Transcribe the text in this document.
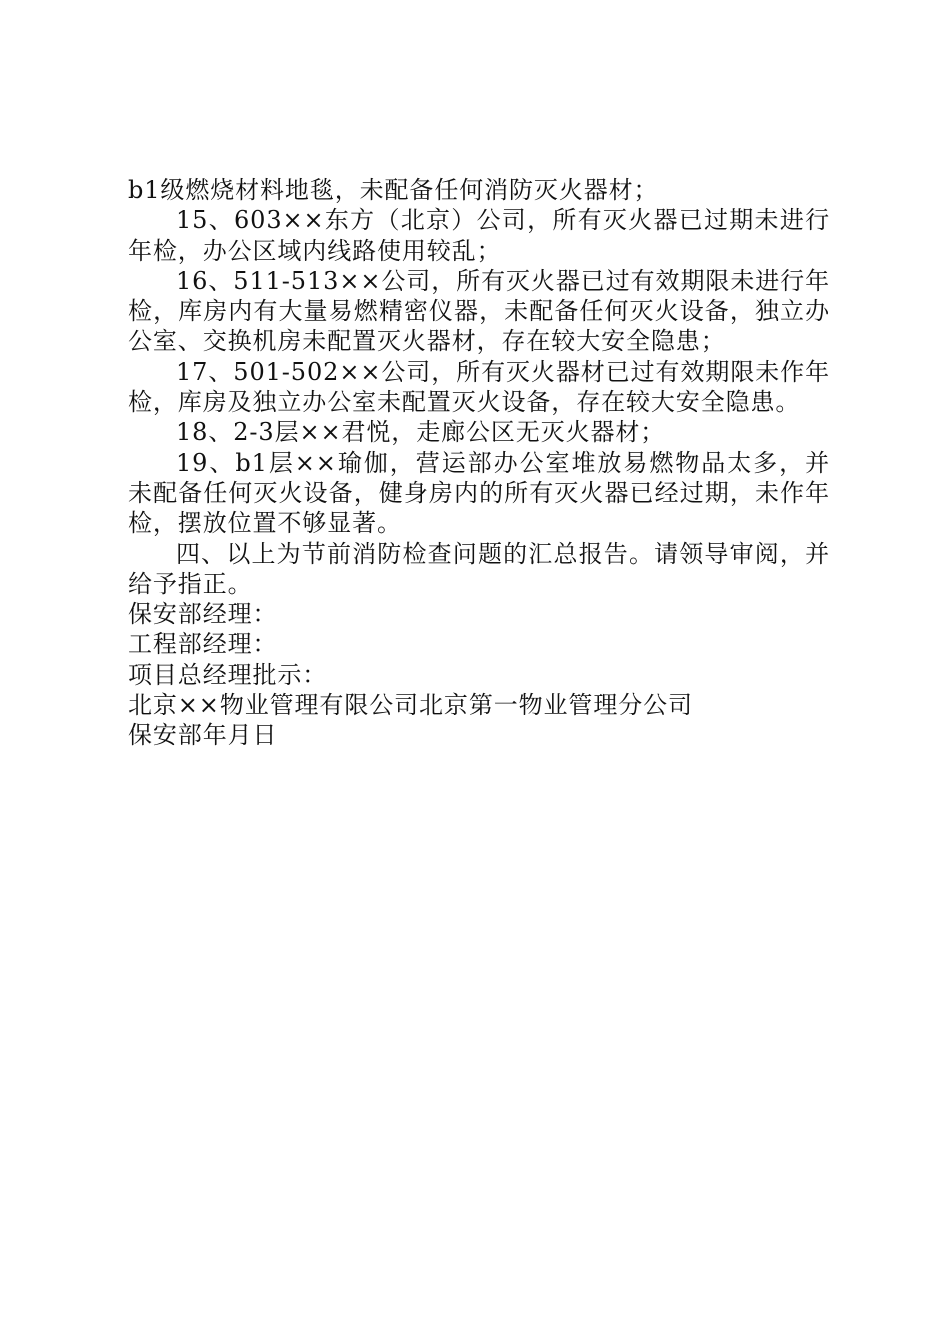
b1级燃烧材料地毯，未配备任何消防灭火器材；

15、603××东方（北京）公司，所有灭火器已过期未进行年检，办公区域内线路使用较乱；

16、511-513××公司，所有灭火器已过有效期限未进行年检，库房内有大量易燃精密仪器，未配备任何灭火设备，独立办公室、交换机房未配置灭火器材，存在较大安全隐患；

17、501-502××公司，所有灭火器材已过有效期限未作年检，库房及独立办公室未配置灭火设备，存在较大安全隐患。

18、2-3层××君悦，走廊公区无灭火器材；

19、b1层××瑜伽，营运部办公室堆放易燃物品太多，并未配备任何灭火设备，健身房内的所有灭火器已经过期，未作年检，摆放位置不够显著。

四、以上为节前消防检查问题的汇总报告。请领导审阅，并给予指正。

保安部经理：

工程部经理：

项目总经理批示：

北京××物业管理有限公司北京第一物业管理分公司

保安部年月日
